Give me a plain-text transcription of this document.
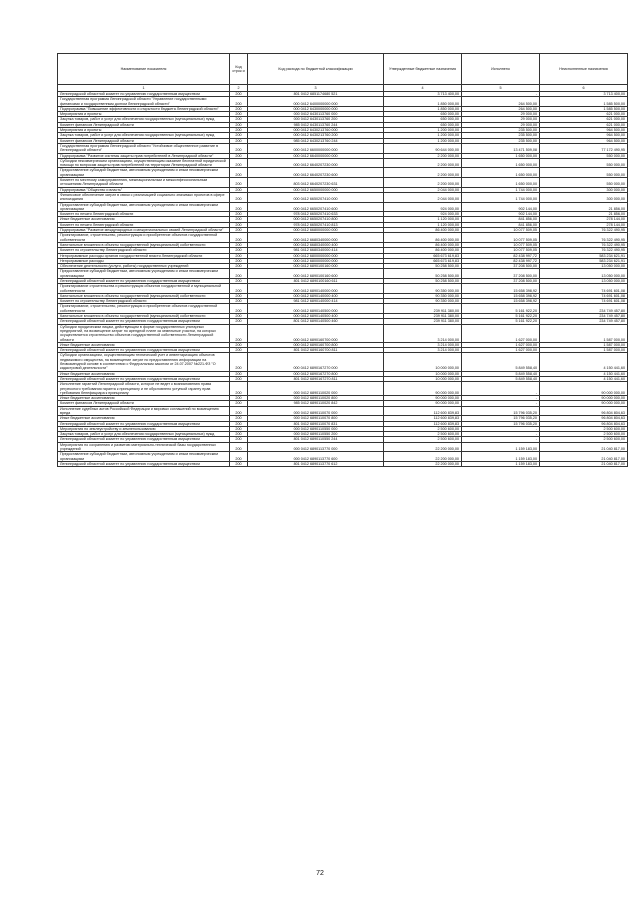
Наименование показателя	Код строк и	Код расхода по бюджетной классификации	Утвержденные бюджетные назначения	Исполнено	Неисполненные назначения
1	2	3	4	5	6
Ленинградской областной комитет по управлению государственным имуществом	200	801 0412 6851174680 521	3 713 400,00	-	3 713 400,00
Государственная программа Ленинградской области "Управление государственными финансами и государственным долгом Ленинградской области"	200	000 0412 6400000000 000	1 850 000,00	264 500,00	1 585 500,00
Подпрограмма "Повышение эффективности и открытости бюджета Ленинградской области"	200	000 0412 6430000000 000	1 850 000,00	264 500,00	1 585 500,00
Мероприятия и проекты	200	000 0412 6430113760 000	650 000,00	29 000,00	621 000,00
Закупка товаров, работ и услуг для обеспечения государственных (муниципальных) нужд	200	000 0412 6430113760 200	650 000,00	29 000,00	621 000,00
Комитет финансов Ленинградской области	200	985 0412 6430113760 244	650 000,00	29 000,00	621 000,00
Мероприятия и проекты	200	000 0412 6430213760 000	1 200 000,00	235 500,00	964 500,00
Закупка товаров, работ и услуг для обеспечения государственных (муниципальных) нужд	200	000 0412 6430213760 200	1 200 000,00	235 500,00	964 500,00
Комитет финансов Ленинградской области	200	985 0412 6430213760 244	1 200 000,00	235 500,00	964 500,00
Государственная программа Ленинградской области "Устойчивое общественное развитие в Ленинградской области"	200	000 0412 6600000000 000	90 644 000,00	13 471 509,08	77 172 490,95
Подпрограмма "Развитие системы защиты прав потребителей в Ленинградской области"	200	000 0412 6640000000 000	2 200 000,00	1 650 000,00	550 000,00
Субсидии некоммерческим организациям, осуществляющим оказание бесплатной юридической помощи по вопросам защиты прав потребителей на территории Ленинградской области	200	000 0412 6640207230 000	2 200 000,00	1 650 000,00	550 000,00
Предоставление субсидий бюджетным, автономным учреждениям и иным некоммерческим организациям	200	000 0412 6640207230 600	2 200 000,00	1 650 000,00	550 000,00
Комитет по местному самоуправлению, межнациональным и межконфессиональным отношениям Ленинградской области	200	803 0412 6640207230 631	2 200 000,00	1 650 000,00	550 000,00
Подпрограмма "Общество и власть"	200	000 0412 6650000000 000	2 044 000,00	1 744 000,00	300 000,00
Финансовое обеспечение затрат в связи с реализацией социально значимых проектов в сфере книгоиздания	200	000 0412 6650207410 000	2 044 000,00	1 744 000,00	300 000,00
Предоставление субсидий бюджетным, автономным учреждениям и иным некоммерческим организациям	200	000 0412 6650207410 600	924 000,00	902 144,00	21 856,00
Комитет по печати Ленинградской области	200	978 0412 6650207410 633	924 000,00	902 144,00	21 856,00
Иные бюджетные ассигнования	200	000 0412 6650207410 800	1 120 000,00	841 856,00	278 144,00
Комитет по печати Ленинградской области	200	978 0412 6650207410 813	1 120 000,00	841 856,00	278 144,00
Подпрограмма "Развитие международных и межрегиональных связей Ленинградской области"	200	000 0412 6680000000 000	86 400 000,00	10 077 509,05	76 322 490,95
Проектирование, строительство, реконструкция и приобретение объектов государственной собственности	200	000 0412 6680340000 000	86 400 000,00	10 077 509,05	76 322 490,95
Капитальные вложения в объекты государственной (муниципальной) собственности	200	000 0412 6680340000 400	86 400 000,00	10 077 509,05	76 322 490,95
Комитет по строительству Ленинградской области	200	981 0412 6680340000 414	86 400 000,00	10 077 509,05	76 322 490,95
Непрограммные расходы органов государственной власти Ленинградской области	200	000 0412 6800000000 000	665 673 619,83	82 438 997,72	583 234 621,91
Непрограммные расходы	200	000 0412 6800000000 000	665 673 619,83	82 438 997,72	583 234 621,91
Обеспечение деятельности (услуги, работы) государственных учреждений	200	000 0412 6890100160 000	50 258 500,00	37 208 500,00	13 050 000,00
Предоставление субсидий бюджетным, автономным учреждениям и иным некоммерческим организациям	200	000 0412 6890100160 600	50 258 500,00	37 208 500,00	13 050 000,00
Ленинградский областной комитет по управлению государственным имуществом	200	801 0412 6890100160 611	50 258 500,00	37 208 500,00	13 050 000,00
Проектирование строительства и реконструкция объектов государственной и муниципальной собственности	200	000 0412 6890140000 000	90 350 000,00	15 658 398,92	74 691 601,08
Капитальные вложения в объекты государственной (муниципальной) собственности	200	000 0412 6890140000 400	90 350 000,00	15 658 398,92	74 691 601,08
Комитет по строительству Ленинградской области	200	981 0412 6890140000 414	90 350 000,00	15 658 398,92	74 691 601,08
Проектирование, строительство, реконструкция и приобретение объектов государственной собственности	200	000 0412 6890140500 000	239 911 380,00	5 161 922,20	234 749 457,80
Капитальные вложения в объекты государственной (муниципальной) собственности	200	000 0412 6890140500 400	239 911 380,00	5 161 922,20	234 749 457,80
Ленинградский областной комитет по управлению государственным имуществом	200	801 0412 6890140500 460	239 911 380,00	5 161 922,20	234 749 457,80
Субсидии юридическим лицам, действующим в форме государственных унитарных предприятий, на возмещение затрат по арендной плате за земельные участки, на которых осуществляется строительство объектов государственной собственности Ленинградской области	200	000 0412 6890160700 000	3 214 000,00	1 627 000,00	1 587 000,00
Иные бюджетные ассигнования	200	000 0412 6890160700 800	3 214 000,00	1 627 000,00	1 587 000,00
Ленинградский областной комитет по управлению государственным имуществом	200	801 0412 6890160700 811	3 214 000,00	1 627 000,00	1 587 000,00
Субсидии организациям, осуществляющим технический учет и инвентаризацию объектов недвижимого имущества, на возмещение затрат по предоставлению информации на безвозмездной основе в соответствии с Федеральным законом от 24.07.2007 №221-ФЗ "О кадастровой деятельности"	200	000 0412 6890167270 000	10 000 000,00	5 849 558,40	4 150 441,60
Иные бюджетные ассигнования	200	000 0412 6890167270 800	10 000 000,00	5 849 558,40	4 150 441,60
Ленинградский областной комитет по управлению государственным имуществом	200	801 0412 6890167270 811	10 000 000,00	5 849 558,40	4 150 441,60
Исполнение гарантий Ленинградской области, которое не ведет к возникновению права регрессного требования гаранта к принципалу и не обусловлено уступкой гаранту прав требования бенефициара к принципалу	200	000 0412 6890110020 000	90 000 000,00	-	90 000 000,00
Иные бюджетные ассигнования	200	000 0412 6890110020 800	90 000 000,00	-	90 000 000,00
Комитет финансов Ленинградской области	200	985 0412 6890110020 842	90 000 000,00	-	90 000 000,00
Исполнение судебных актов Российской Федерации и мировых соглашений по возмещению вреда	200	000 0412 6890110070 000	112 600 839,83	15 796 035,20	96 804 804,63
Иные бюджетные ассигнования	200	000 0412 6890110070 800	112 600 839,83	15 796 035,20	96 804 804,63
Ленинградский областной комитет по управлению государственным имуществом	200	801 0412 6890110070 831	112 600 839,83	15 796 035,20	96 804 804,63
Мероприятия по землеустройству и землепользованию	200	000 0412 6890110550 000	2 500 600,00	-	2 500 600,00
Закупка товаров, работ и услуг для обеспечения государственных (муниципальных) нужд	200	000 0412 6890110550 200	2 500 600,00	-	2 500 600,00
Ленинградский областной комитет по управлению государственным имуществом	200	801 0412 6890110550 244	2 500 600,00	-	2 500 600,00
Мероприятия по сохранению и развитию материально-технической базы государственных учреждений	200	000 0412 6890113770 000	22 200 000,00	1 159 183,00	21 040 817,00
Предоставление субсидий бюджетным, автономным учреждениям и иным некоммерческим организациям	200	000 0412 6890113770 600	22 200 000,00	1 159 183,00	21 040 817,00
Ленинградский областной комитет по управлению государственным имуществом	200	801 0412 6890113770 612	22 200 000,00	1 159 183,00	21 040 817,00
72
